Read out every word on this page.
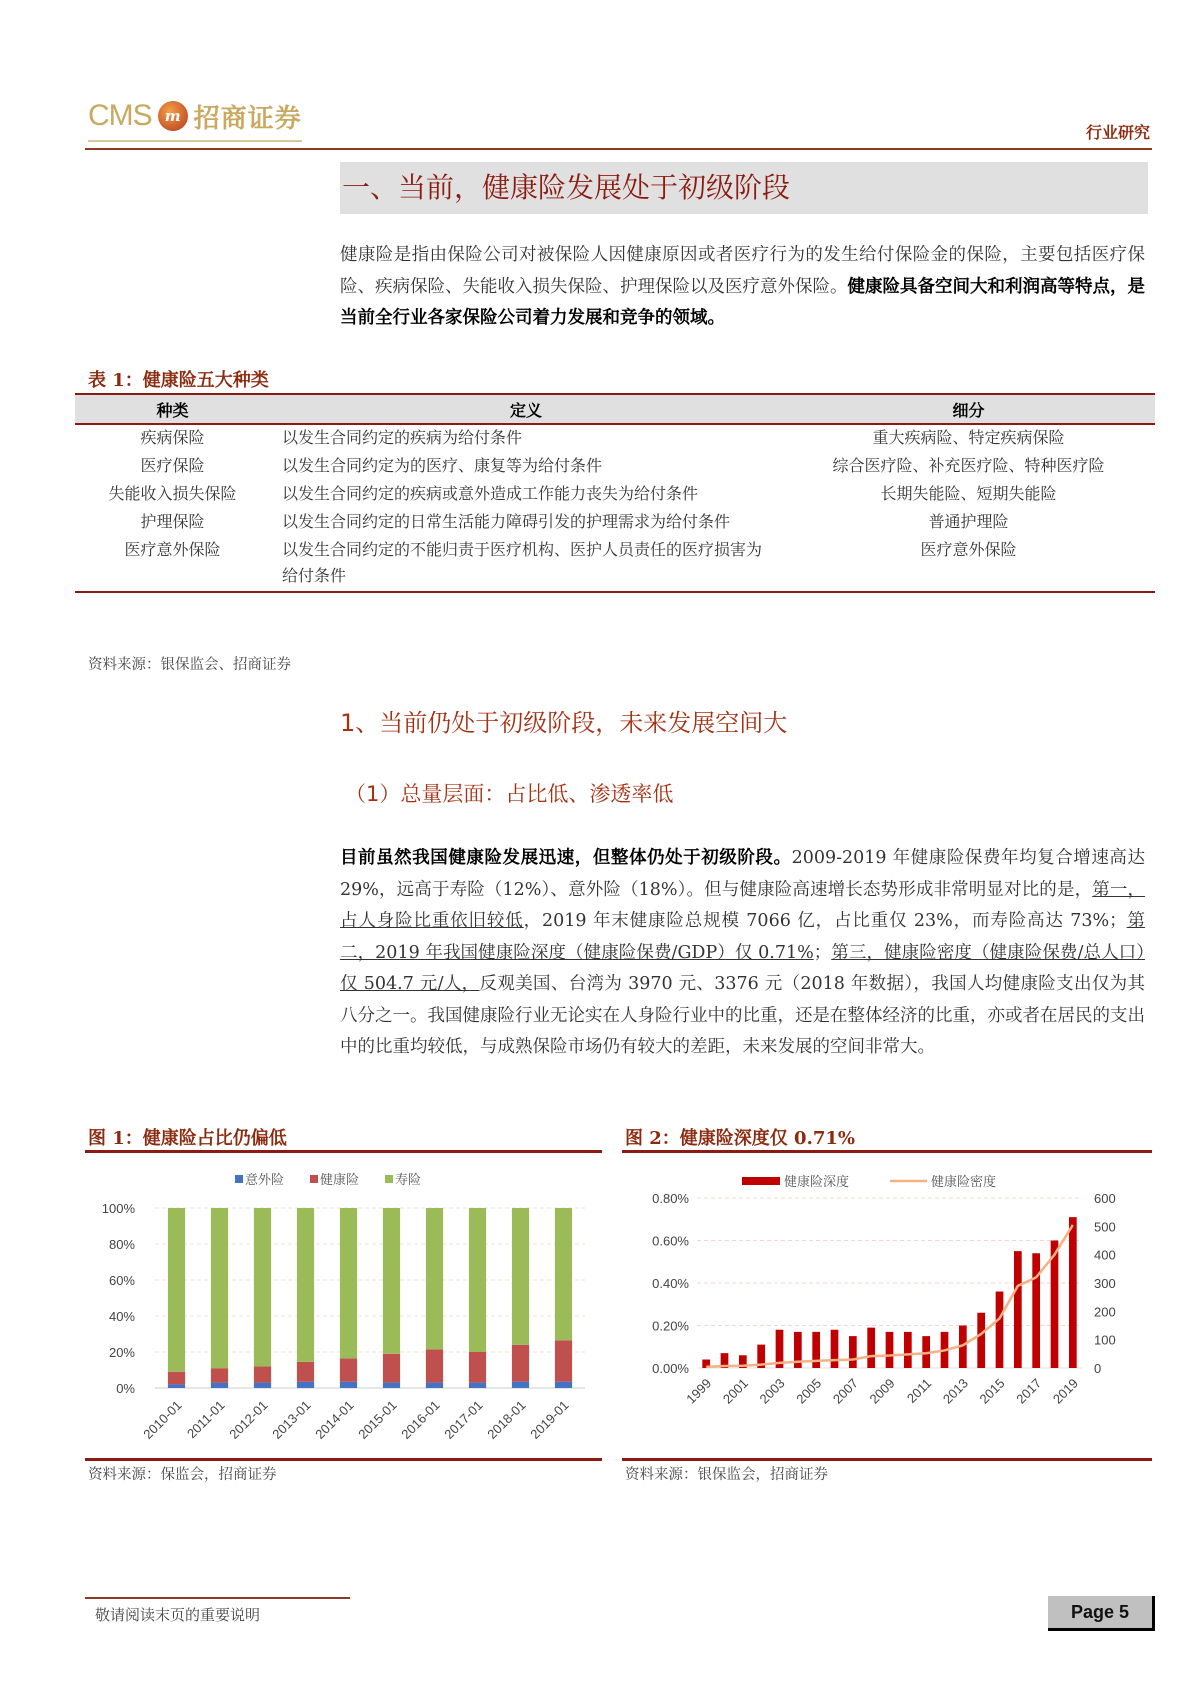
CMS m 招商证券	行业研究
一、当前，健康险发展处于初级阶段
健康险是指由保险公司对被保险人因健康原因或者医疗行为的发生给付保险金的保险，主要包括医疗保险、疾病保险、失能收入损失保险、护理保险以及医疗意外保险。健康险具备空间大和利润高等特点，是当前全行业各家保险公司着力发展和竞争的领域。
表 1：健康险五大种类
种类	定义	细分
疾病保险	以发生合同约定的疾病为给付条件	重大疾病险、特定疾病保险
医疗保险	以发生合同约定为的医疗、康复等为给付条件	综合医疗险、补充医疗险、特种医疗险
失能收入损失保险	以发生合同约定的疾病或意外造成工作能力丧失为给付条件	长期失能险、短期失能险
护理保险	以发生合同约定的日常生活能力障碍引发的护理需求为给付条件	普通护理险
医疗意外保险	以发生合同约定的不能归责于医疗机构、医护人员责任的医疗损害为给付条件	医疗意外保险
资料来源：银保监会、招商证券
1、当前仍处于初级阶段，未来发展空间大
（1）总量层面：占比低、渗透率低
目前虽然我国健康险发展迅速，但整体仍处于初级阶段。2009-2019 年健康险保费年均复合增速高达 29%，远高于寿险（12%）、意外险（18%）。但与健康险高速增长态势形成非常明显对比的是，第一，占人身险比重依旧较低，2019 年末健康险总规模 7066 亿，占比重仅 23%，而寿险高达 73%；第二，2019 年我国健康险深度（健康险保费/GDP）仅 0.71%；第三，健康险密度（健康险保费/总人口）仅 504.7 元/人，反观美国、台湾为 3970 元、3376 元（2018 年数据），我国人均健康险支出仅为其八分之一。我国健康险行业无论实在人身险行业中的比重，还是在整体经济的比重，亦或者在居民的支出中的比重均较低，与成熟保险市场仍有较大的差距，未来发展的空间非常大。
图 1：健康险占比仍偏低
0%
20%
40%
60%
80%
100%
2010-01 2011-01
2012-01
2013-01
2014-01
2015-01
2016-01
2017-01
2018-01
2019-01
意外险	健康险	寿险
资料来源：保监会，招商证券
图 2：健康险深度仅 0.71%
0.00%
0.20%
0.40%
0.60%
0.80%
0
100
200
300
400
500
600
1999 2001 2003 2005 2007 2009 2011 2013 2015 2017 2019
健康险深度	健康险密度
资料来源：银保监会，招商证券
敬请阅读末页的重要说明	Page 5
